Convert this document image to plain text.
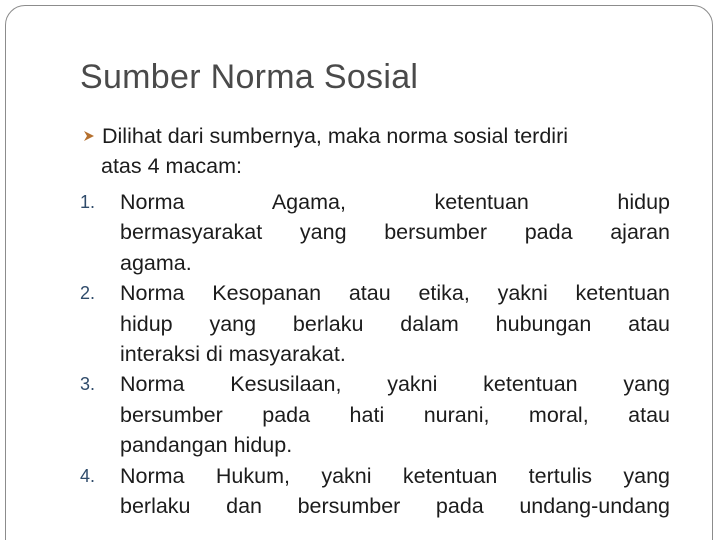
Sumber Norma Sosial
Dilihat dari sumbernya, maka norma sosial terdiri
atas 4 macam:
1. Norma Agama, ketentuan hidup
bermasyarakat yang bersumber pada ajaran
agama.
2. Norma Kesopanan atau etika, yakni ketentuan
hidup yang berlaku dalam hubungan atau
interaksi di masyarakat.
3. Norma Kesusilaan, yakni ketentuan yang
bersumber pada hati nurani, moral, atau
pandangan hidup.
4. Norma Hukum, yakni ketentuan tertulis yang
berlaku dan bersumber pada undang-undang
